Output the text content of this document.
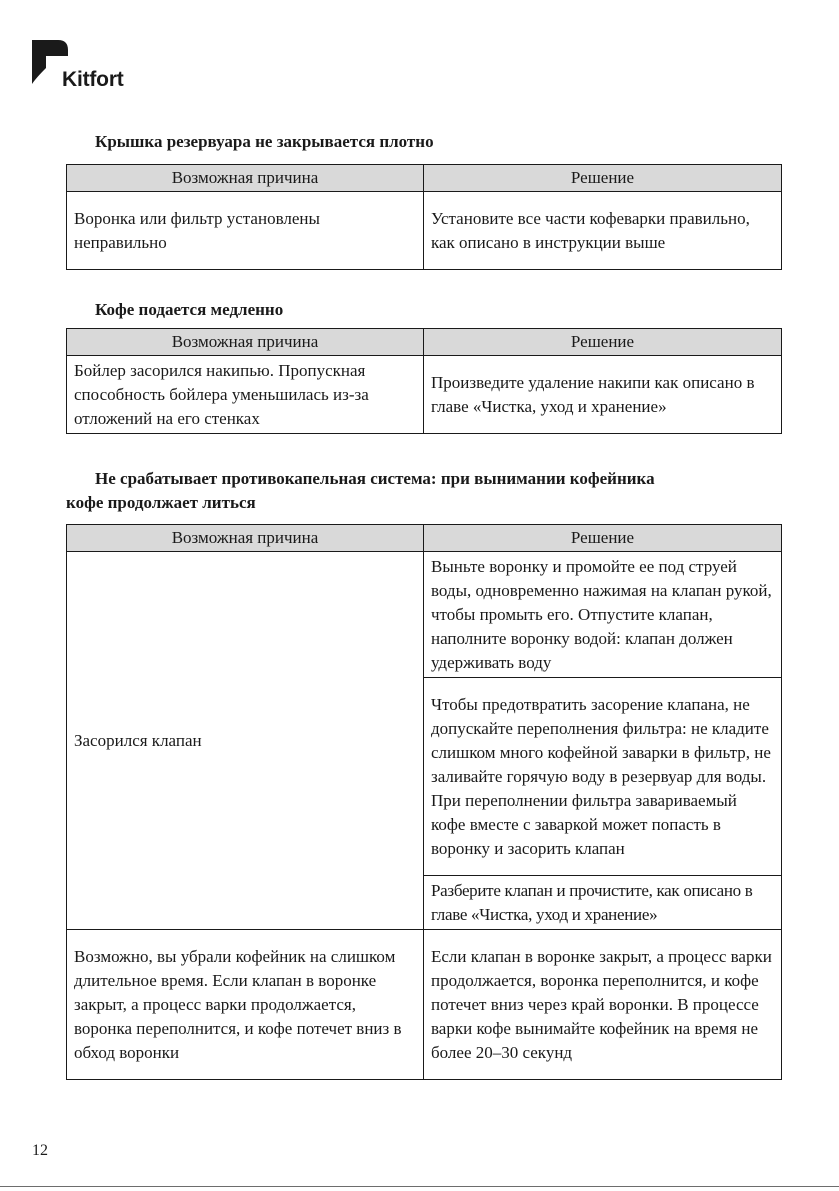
Kitfort

Крышка резервуара не закрывается плотно

Возможная причина	Решение
Воронка или фильтр установлены неправильно	Установите все части кофеварки правильно, как описано в инструкции выше

Кофе подается медленно

Возможная причина	Решение
Бойлер засорился накипью. Пропускная способность бойлера уменьшилась из-за отложений на его стенках	Произведите удаление накипи как описано в главе «Чистка, уход и хранение»

Не срабатывает противокапельная система: при вынимании кофейника
кофе продолжает литься

Возможная причина	Решение
Засорился клапан	Выньте воронку и промойте ее под струей воды, одновременно нажимая на клапан рукой, чтобы промыть его. Отпустите клапан, наполните воронку водой: клапан должен удерживать воду
	Чтобы предотвратить засорение клапана, не допускайте переполнения фильтра: не кладите слишком много кофейной заварки в фильтр, не заливайте горячую воду в резервуар для воды. При переполнении фильтра завариваемый кофе вместе с заваркой может попасть в воронку и засорить клапан
	Разберите клапан и прочистите, как описано в главе «Чистка, уход и хранение»
Возможно, вы убрали кофейник на слишком длительное время. Если клапан в воронке закрыт, а процесс варки продолжается, воронка переполнится, и кофе потечет вниз в обход воронки	Если клапан в воронке закрыт, а процесс варки продолжается, воронка переполнится, и кофе потечет вниз через край воронки. В процессе варки кофе вынимайте кофейник на время не более 20–30 секунд

12
